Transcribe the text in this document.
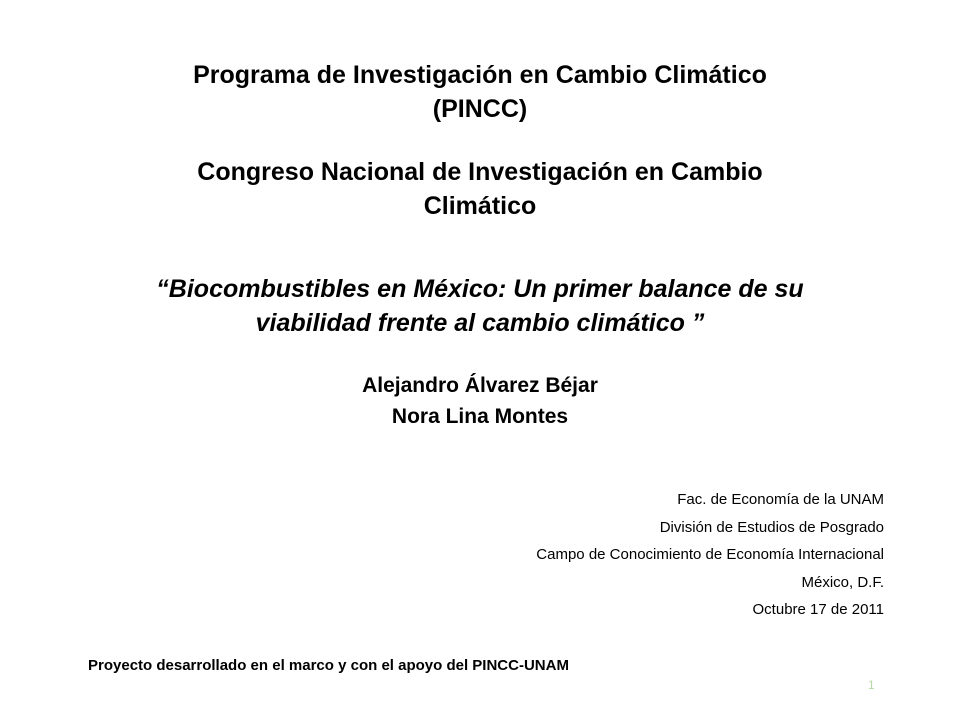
Programa de Investigación en Cambio Climático
(PINCC)
Congreso Nacional de Investigación en Cambio
Climático
“Biocombustibles en México: Un primer balance de su
viabilidad frente al cambio climático ”
Alejandro Álvarez Béjar
Nora Lina Montes
Fac. de Economía de la UNAM
División de Estudios de Posgrado
Campo de Conocimiento de Economía Internacional
México, D.F.
Octubre 17 de 2011
Proyecto desarrollado en el marco y con el apoyo del PINCC-UNAM
1
